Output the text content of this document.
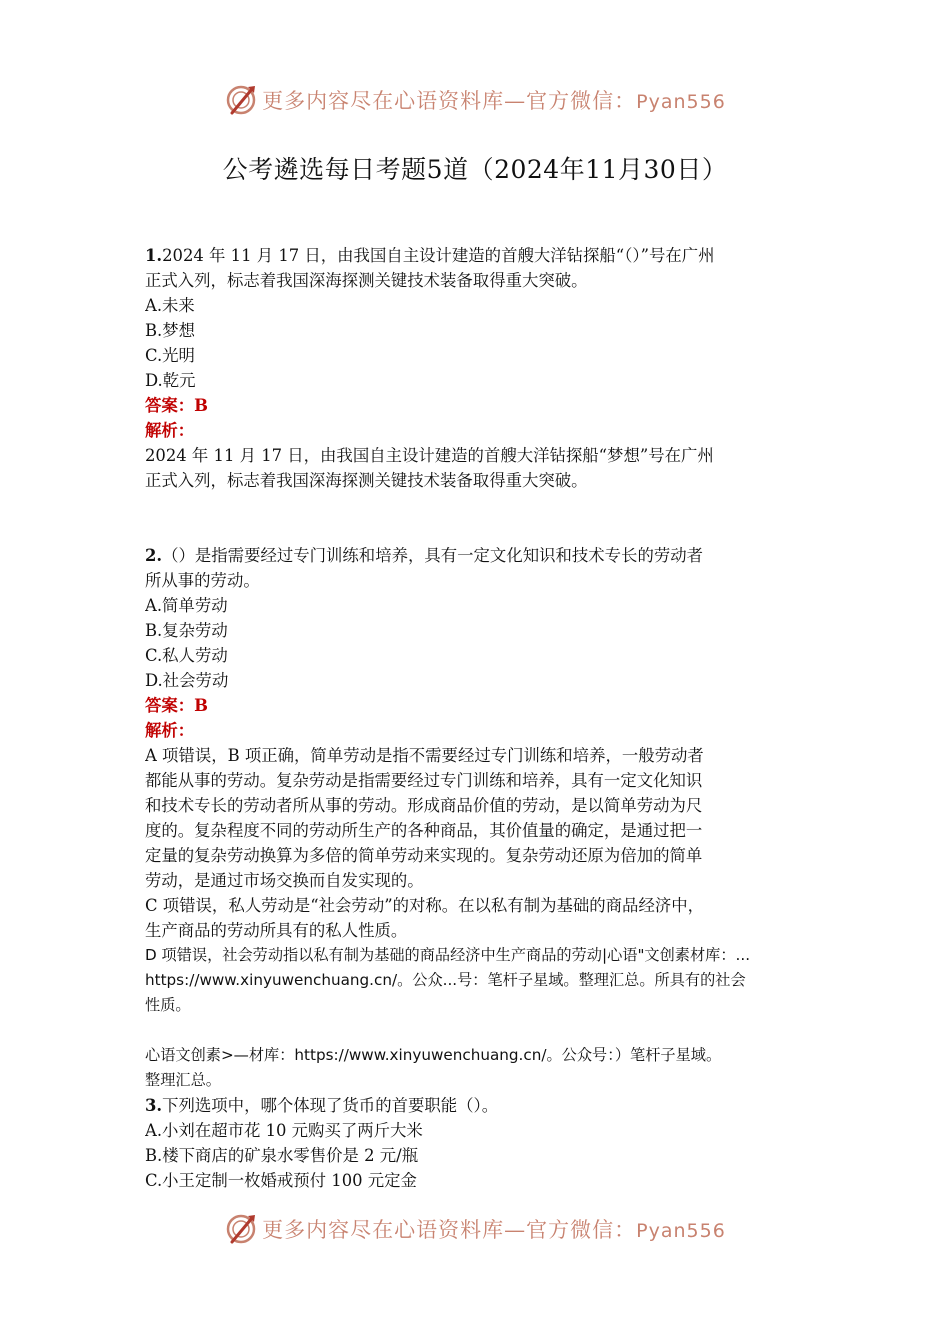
更多内容尽在心语资料库—官方微信：Pyan556
公考遴选每日考题5道（2024年11月30日）
1.2024 年 11 月 17 日，由我国自主设计建造的首艘大洋钻探船“（）”号在广州
正式入列，标志着我国深海探测关键技术装备取得重大突破。
A.未来
B.梦想
C.光明
D.乾元
答案：B
解析：
2024 年 11 月 17 日，由我国自主设计建造的首艘大洋钻探船“梦想”号在广州
正式入列，标志着我国深海探测关键技术装备取得重大突破。
2.（）是指需要经过专门训练和培养，具有一定文化知识和技术专长的劳动者
所从事的劳动。
A.简单劳动
B.复杂劳动
C.私人劳动
D.社会劳动
答案：B
解析：
A 项错误，B 项正确，简单劳动是指不需要经过专门训练和培养，一般劳动者
都能从事的劳动。复杂劳动是指需要经过专门训练和培养，具有一定文化知识
和技术专长的劳动者所从事的劳动。形成商品价值的劳动，是以简单劳动为尺
度的。复杂程度不同的劳动所生产的各种商品，其价值量的确定，是通过把一
定量的复杂劳动换算为多倍的简单劳动来实现的。复杂劳动还原为倍加的简单
劳动，是通过市场交换而自发实现的。
C 项错误，私人劳动是“社会劳动”的对称。在以私有制为基础的商品经济中，
生产商品的劳动所具有的私人性质。
D 项错误，社会劳动指以私有制为基础的商品经济中生产商品的劳动|心语"文创素材库：...
https://www.xinyuwenchuang.cn/。公众...号：笔杆子星域。整理汇总。所具有的社会
性质。
心语文创素>—材库：https://www.xinyuwenchuang.cn/。公众号：）笔杆子星域。
整理汇总。
3.下列选项中，哪个体现了货币的首要职能（）。
A.小刘在超市花 10 元购买了两斤大米
B.楼下商店的矿泉水零售价是 2 元/瓶
C.小王定制一枚婚戒预付 100 元定金
更多内容尽在心语资料库—官方微信：Pyan556
